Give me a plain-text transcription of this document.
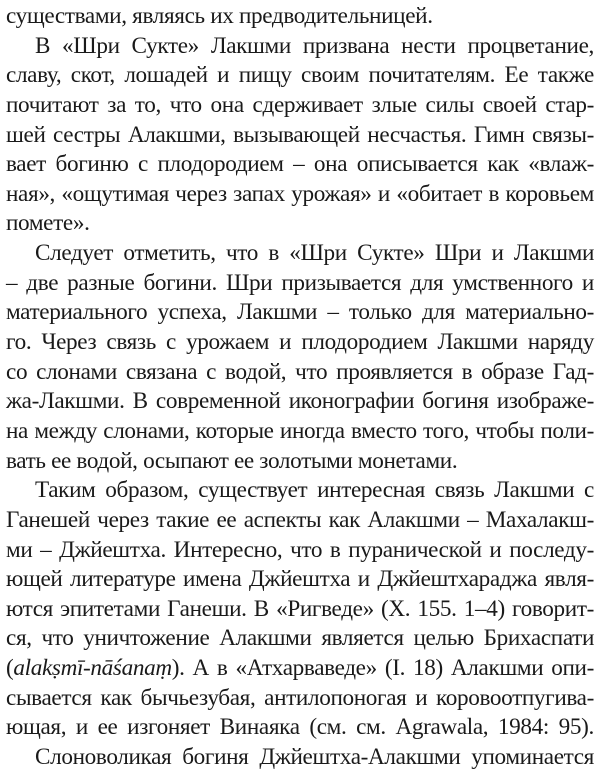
существами, являясь их предводительницей.
В «Шри Сукте» Лакшми призвана нести процветание,
славу, скот, лошадей и пищу своим почитателям. Ее также
почитают за то, что она сдерживает злые силы своей стар-
шей сестры Алакшми, вызывающей несчастья. Гимн связы-
вает богиню с плодородием – она описывается как «влаж-
ная», «ощутимая через запах урожая» и «обитает в коровьем
помете».
Следует отметить, что в «Шри Сукте» Шри и Лакшми
– две разные богини. Шри призывается для умственного и
материального успеха, Лакшми – только для материально-
го. Через связь с урожаем и плодородием Лакшми наряду
со слонами связана с водой, что проявляется в образе Гад-
жа-Лакшми. В современной иконографии богиня изображе-
на между слонами, которые иногда вместо того, чтобы поли-
вать ее водой, осыпают ее золотыми монетами.
Таким образом, существует интересная связь Лакшми с
Ганешей через такие ее аспекты как Алакшми – Махалакш-
ми – Джйештха. Интересно, что в пуранической и последу-
ющей литературе имена Джйештха и Джйештхараджа явля-
ются эпитетами Ганеши. В «Ригведе» (X. 155. 1–4) говорит-
ся, что уничтожение Алакшми является целью Брихаспати
(alakṣmī-nāśanaṃ). А в «Атхарваведе» (I. 18) Алакшми опи-
сывается как бычьезубая, антилопоногая и коровоотпугива-
ющая, и ее изгоняет Винаяка (см. см. Agrawala, 1984: 95).
Слоноволикая богиня Джйештха-Алакшми упоминается
